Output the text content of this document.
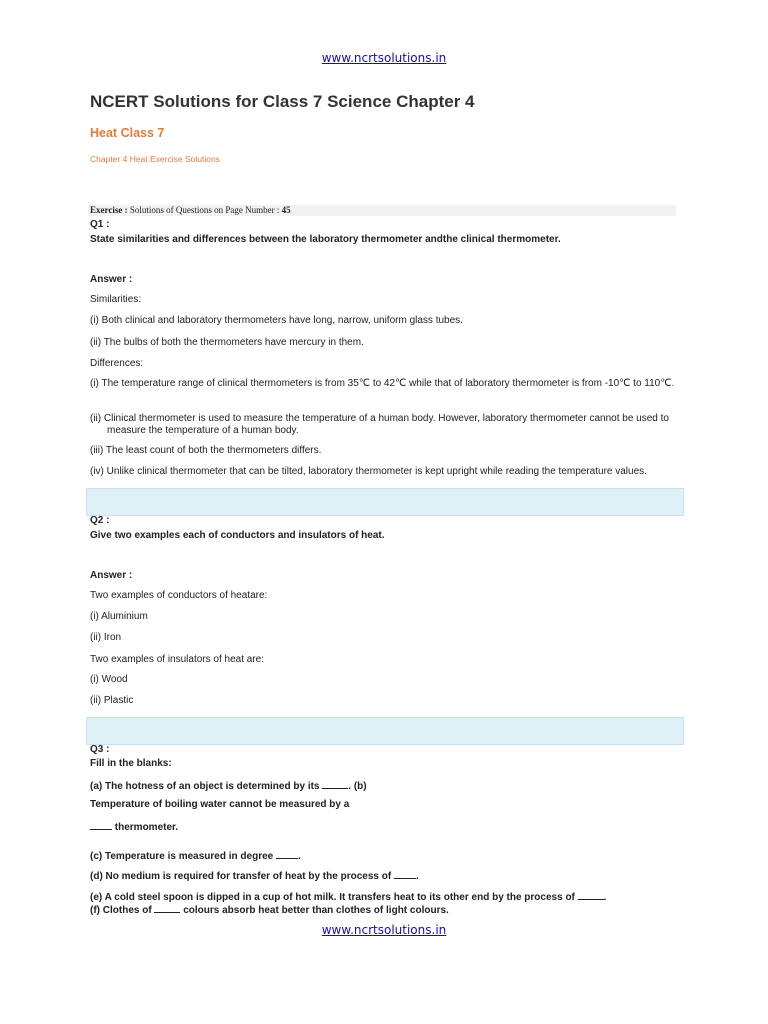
www.ncrtsolutions.in
NCERT Solutions for Class 7 Science Chapter 4
Heat Class 7
Chapter 4 Heat Exercise Solutions
Exercise : Solutions of Questions on Page Number : 45
Q1 :
State similarities and differences between the laboratory thermometer andthe clinical thermometer.
Answer :
Similarities:
(i) Both clinical and laboratory thermometers have long, narrow, uniform glass tubes.
(ii) The bulbs of both the thermometers have mercury in them.
Differences:
(i) The temperature range of clinical thermometers is from 35℃ to 42℃ while that of laboratory thermometer is from -10℃ to 110℃.
(ii) Clinical thermometer is used to measure the temperature of a human body. However, laboratory thermometer cannot be used to measure the temperature of a human body.
(iii) The least count of both the thermometers differs.
(iv) Unlike clinical thermometer that can be tilted, laboratory thermometer is kept upright while reading the temperature values.
Q2 :
Give two examples each of conductors and insulators of heat.
Answer :
Two examples of conductors of heatare:
(i) Aluminium
(ii) Iron
Two examples of insulators of heat are:
(i) Wood
(ii) Plastic
Q3 :
Fill in the blanks:
(a) The hotness of an object is determined by its	. (b)
Temperature of boiling water cannot be measured by a
thermometer.
(c) Temperature is measured in degree .
(d) No medium is required for transfer of heat by the process of .
(e) A cold steel spoon is dipped in a cup of hot milk. It transfers heat to its other end by the process of	.
(f) Clothes of	colours absorb heat better than clothes of light colours.
www.ncrtsolutions.in
